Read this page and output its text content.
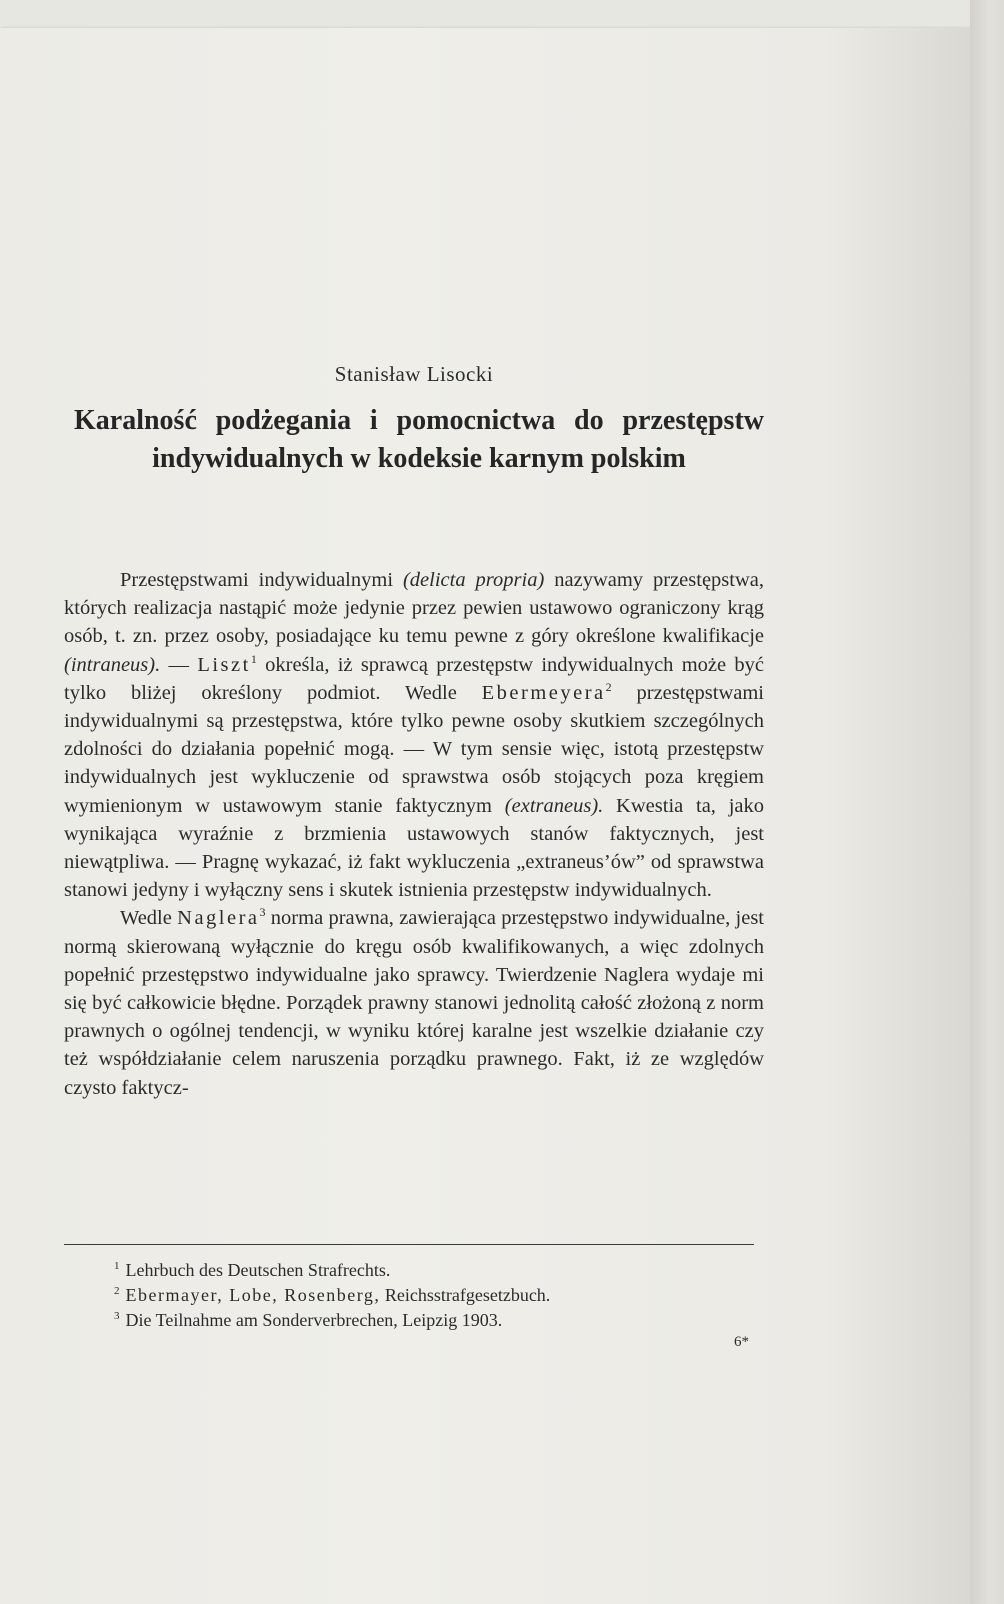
Stanisław Lisocki
Karalność podżegania i pomocnictwa do przestępstw indywidualnych w kodeksie karnym polskim

Przestępstwami indywidualnymi (delicta propria) nazywamy przestępstwa, których realizacja nastąpić może jedynie przez pewien ustawowo ograniczony krąg osób, t. zn. przez osoby, posiadające ku temu pewne z góry określone kwalifikacje (intraneus). — Liszt$^1$ określa, iż sprawcą przestępstw indywidualnych może być tylko bliżej określony podmiot. Wedle Ebermeyera$^2$ przestępstwami indywidualnymi są przestępstwa, które tylko pewne osoby skutkiem szczególnych zdolności do działania popełnić mogą. — W tym sensie więc, istotą przestępstw indywidualnych jest wykluczenie od sprawstwa osób stojących poza kręgiem wymienionym w ustawowym stanie faktycznym (extraneus). Kwestia ta, jako wynikająca wyraźnie z brzmienia ustawowych stanów faktycznych, jest niewątpliwa. — Pragnę wykazać, iż fakt wykluczenia „extraneus’ów” od sprawstwa stanowi jedyny i wyłączny sens i skutek istnienia przestępstw indywidualnych.

Wedle Naglera$^3$ norma prawna, zawierająca przestępstwo indywidualne, jest normą skierowaną wyłącznie do kręgu osób kwalifikowanych, a więc zdolnych popełnić przestępstwo indywidualne jako sprawcy. Twierdzenie Naglera wydaje mi się być całkowicie błędne. Porządek prawny stanowi jednolitą całość złożoną z norm prawnych o ogólnej tendencji, w wyniku której karalne jest wszelkie działanie czy też współdziałanie celem naruszenia porządku prawnego. Fakt, iż ze względów czysto faktycz-

$^1$ Lehrbuch des Deutschen Strafrechts.
$^2$ Ebermayer, Lobe, Rosenberg, Reichsstrafgesetzbuch.
$^3$ Die Teilnahme am Sonderverbrechen, Leipzig 1903.
6*
